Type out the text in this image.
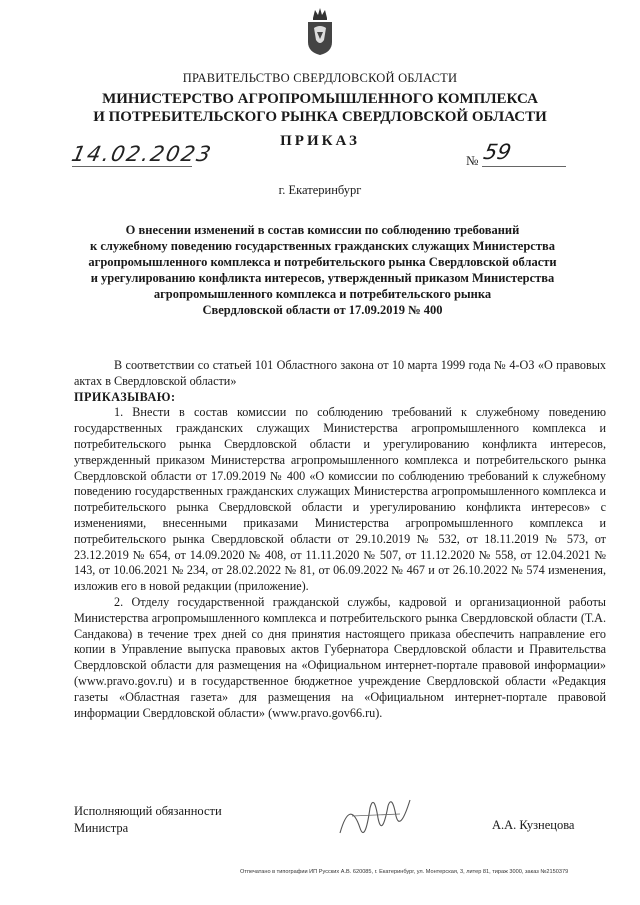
ПРАВИТЕЛЬСТВО СВЕРДЛОВСКОЙ ОБЛАСТИ
МИНИСТЕРСТВО АГРОПРОМЫШЛЕННОГО КОМПЛЕКСА
И ПОТРЕБИТЕЛЬСКОГО РЫНКА СВЕРДЛОВСКОЙ ОБЛАСТИ
ПРИКАЗ
14.02.2023	№ 59
г. Екатеринбург
О внесении изменений в состав комиссии по соблюдению требований
к служебному поведению государственных гражданских служащих Министерства
агропромышленного комплекса и потребительского рынка Свердловской области
и урегулированию конфликта интересов, утвержденный приказом Министерства
агропромышленного комплекса и потребительского рынка
Свердловской области от 17.09.2019 № 400

В соответствии со статьей 101 Областного закона от 10 марта 1999 года № 4-ОЗ «О правовых актах в Свердловской области»

ПРИКАЗЫВАЮ:

1. Внести в состав комиссии по соблюдению требований к служебному поведению государственных гражданских служащих Министерства агропромышленного комплекса и потребительского рынка Свердловской области и урегулированию конфликта интересов, утвержденный приказом Министерства агропромышленного комплекса и потребительского рынка Свердловской области от 17.09.2019 № 400 «О комиссии по соблюдению требований к служебному поведению государственных гражданских служащих Министерства агропромышленного комплекса и потребительского рынка Свердловской области и урегулированию конфликта интересов» с изменениями, внесенными приказами Министерства агропромышленного комплекса и потребительского рынка Свердловской области от 29.10.2019 № 532, от 18.11.2019 № 573, от 23.12.2019 № 654, от 14.09.2020 № 408, от 11.11.2020 № 507, от 11.12.2020 № 558, от 12.04.2021 № 143, от 10.06.2021 № 234, от 28.02.2022 № 81, от 06.09.2022 № 467 и от 26.10.2022 № 574 изменения, изложив его в новой редакции (приложение).

2. Отделу государственной гражданской службы, кадровой и организационной работы Министерства агропромышленного комплекса и потребительского рынка Свердловской области (Т.А. Сандакова) в течение трех дней со дня принятия настоящего приказа обеспечить направление его копии в Управление выпуска правовых актов Губернатора Свердловской области и Правительства Свердловской области для размещения на «Официальном интернет-портале правовой информации» (www.pravo.gov.ru) и в государственное бюджетное учреждение Свердловской области «Редакция газеты «Областная газета» для размещения на «Официальном интернет-портале правовой информации Свердловской области» (www.pravo.gov66.ru).

Исполняющий обязанности
Министра	А.А. Кузнецова
Отпечатано в типографии ИП Русских А.В. 620085, г. Екатеринбург, ул. Монтерская, 3, литер 81, тираж 3000, заказ №2150379
